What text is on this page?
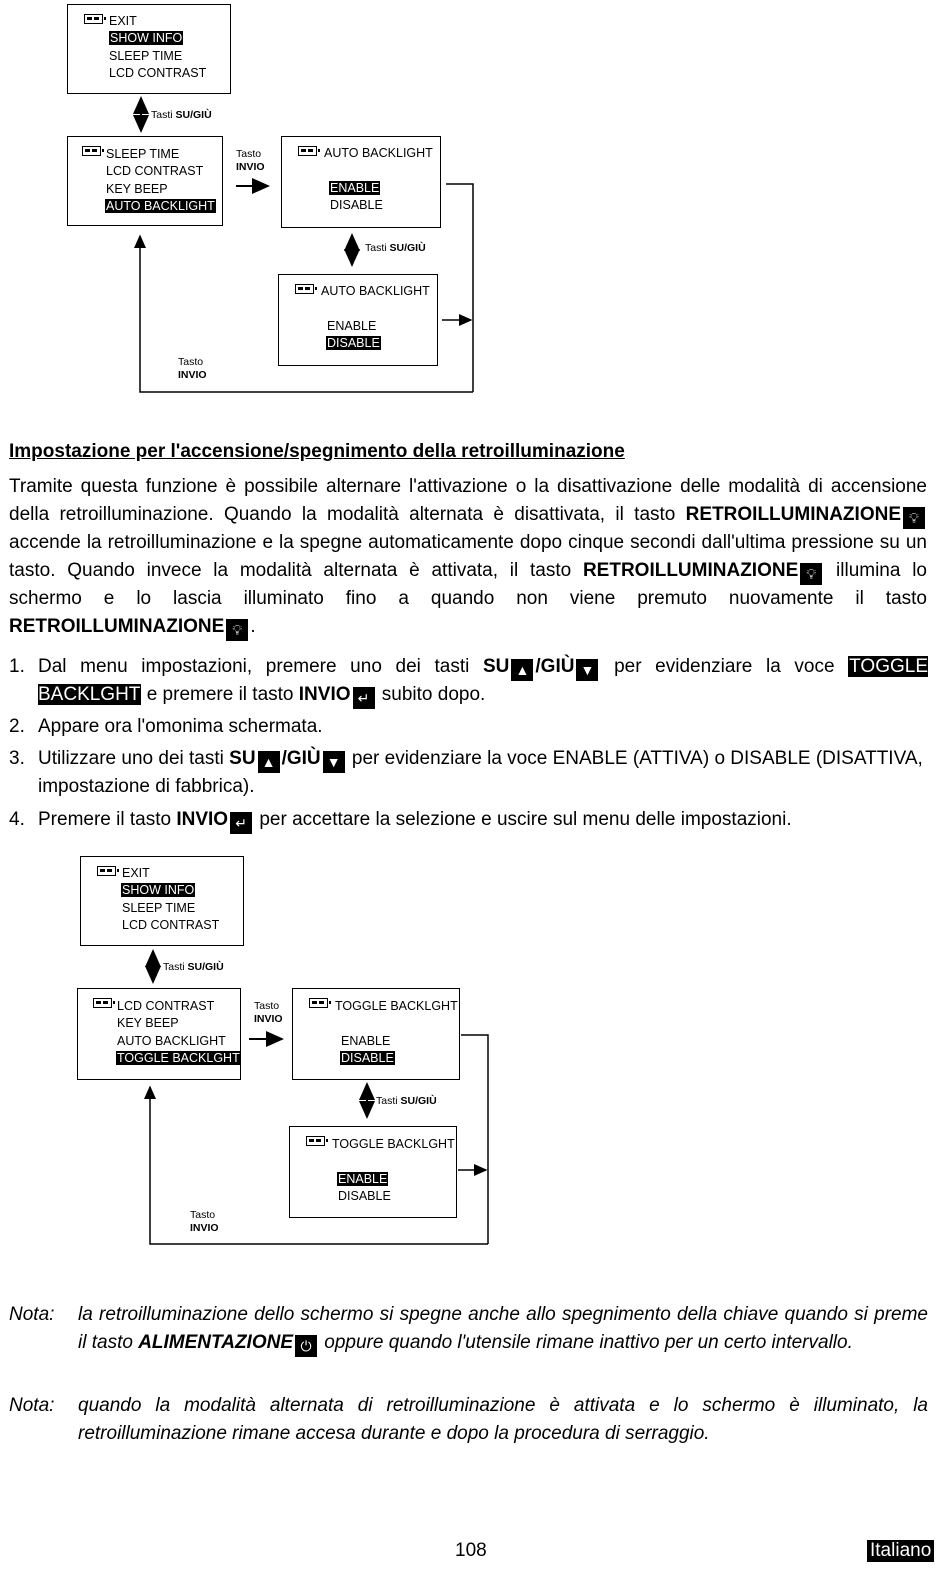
EXIT
SHOW INFO
SLEEP TIME
LCD CONTRAST
Tasti SU/GIÙ
SLEEP TIME
LCD CONTRAST
KEY BEEP
AUTO BACKLIGHT
Tasto
INVIO
AUTO BACKLIGHT
ENABLE
DISABLE
Tasti SU/GIÙ
AUTO BACKLIGHT
ENABLE
DISABLE
Tasto
INVIO
Impostazione per l'accensione/spegnimento della retroilluminazione
Tramite questa funzione è possibile alternare l'attivazione o la disattivazione delle modalità di accensione della retroilluminazione. Quando la modalità alternata è disattivata, il tasto RETROILLUMINAZIONE 💡︎ accende la retroilluminazione e la spegne automaticamente dopo cinque secondi dall'ultima pressione su un tasto. Quando invece la modalità alternata è attivata, il tasto RETROILLUMINAZIONE 💡︎ illumina lo schermo e lo lascia illuminato fino a quando non viene premuto nuovamente il tasto RETROILLUMINAZIONE 💡︎ .
1. Dal menu impostazioni, premere uno dei tasti SU ▲ /GIÙ ▼ per evidenziare la voce TOGGLE BACKLGHT e premere il tasto INVIO ↵ subito dopo.
2. Appare ora l'omonima schermata.
3. Utilizzare uno dei tasti SU ▲ /GIÙ ▼ per evidenziare la voce ENABLE (ATTIVA) o DISABLE (DISATTIVA, impostazione di fabbrica).
4. Premere il tasto INVIO ↵ per accettare la selezione e uscire sul menu delle impostazioni.
EXIT
SHOW INFO
SLEEP TIME
LCD CONTRAST
Tasti SU/GIÙ
LCD CONTRAST
KEY BEEP
AUTO BACKLIGHT
TOGGLE BACKLGHT
Tasto
INVIO
TOGGLE BACKLGHT
ENABLE
DISABLE
Tasti SU/GIÙ
TOGGLE BACKLGHT
ENABLE
DISABLE
Tasto
INVIO
Nota: la retroilluminazione dello schermo si spegne anche allo spegnimento della chiave quando si preme il tasto ALIMENTAZIONE ⏻ oppure quando l'utensile rimane inattivo per un certo intervallo.
Nota: quando la modalità alternata di retroilluminazione è attivata e lo schermo è illuminato, la retroilluminazione rimane accesa durante e dopo la procedura di serraggio.
108	Italiano
